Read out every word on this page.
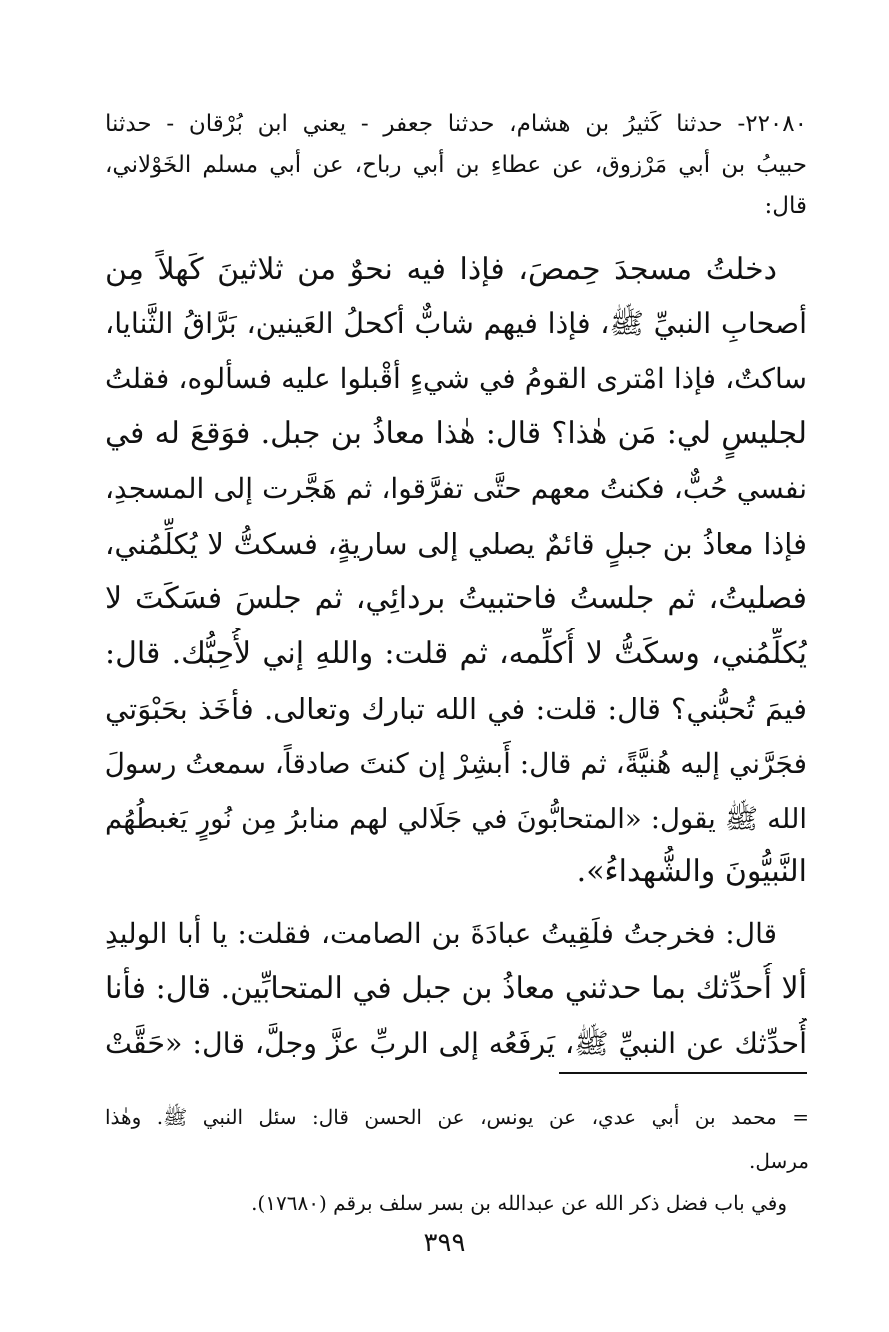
٢٢٠٨٠- حدثنا كَثيرُ بن هشام، حدثنا جعفر - يعني ابن بُرْقان - حدثنا
حبيبُ بن أبي مَرْزوق، عن عطاءِ بن أبي رباح، عن أبي مسلم الخَوْلاني،
قال:
دخلتُ مسجدَ حِمصَ، فإذا فيه نحوٌ من ثلاثينَ كَهلاً مِن
أصحابِ النبيِّ ﷺ، فإذا فيهم شابٌّ أكحلُ العَينين، بَرَّاقُ الثَّنايا،
ساكتٌ، فإذا امْترى القومُ في شيءٍ أقْبلوا عليه فسألوه، فقلتُ
لجليسٍ لي: مَن هٰذا؟ قال: هٰذا معاذُ بن جبل. فوَقعَ له في
نفسي حُبٌّ، فكنتُ معهم حتَّى تفرَّقوا، ثم هَجَّرت إلى المسجدِ،
فإذا معاذُ بن جبلٍ قائمٌ يصلي إلى ساريةٍ، فسكتُّ لا يُكلِّمُني،
فصليتُ، ثم جلستُ فاحتبيتُ بردائِي، ثم جلسَ فسَكَتَ لا
يُكلِّمُني، وسكَتُّ لا أُكلِّمه، ثم قلت: واللهِ إني لأُحِبُّك. قال:
فيمَ تُحبُّني؟ قال: قلت: في الله تبارك وتعالى. فأخَذ بحَبْوَتي
فجَرَّني إليه هُنيَّةً، ثم قال: أَبشِرْ إن كنتَ صادقاً، سمعتُ رسولَ
الله ﷺ يقول: «المتحابُّونَ في جَلَالي لهم منابرُ مِن نُورٍ يَغبطُهُم
النَّبيُّونَ والشُّهداءُ».
قال: فخرجتُ فلَقِيتُ عبادَةَ بن الصامت، فقلت: يا أبا الوليدِ
ألا أُحدِّثك بما حدثني معاذُ بن جبل في المتحابِّين. قال: فأنا
أُحدِّثك عن النبيِّ ﷺ، يَرفَعُه إلى الربِّ عزَّ وجلَّ، قال: «حَقَّتْ
= محمد بن أبي عدي، عن يونس، عن الحسن قال: سئل النبي ﷺ. وهٰذا
مرسل.
وفي باب فضل ذكر الله عن عبدالله بن بسر سلف برقم (١٧٦٨٠).
٣٩٩
